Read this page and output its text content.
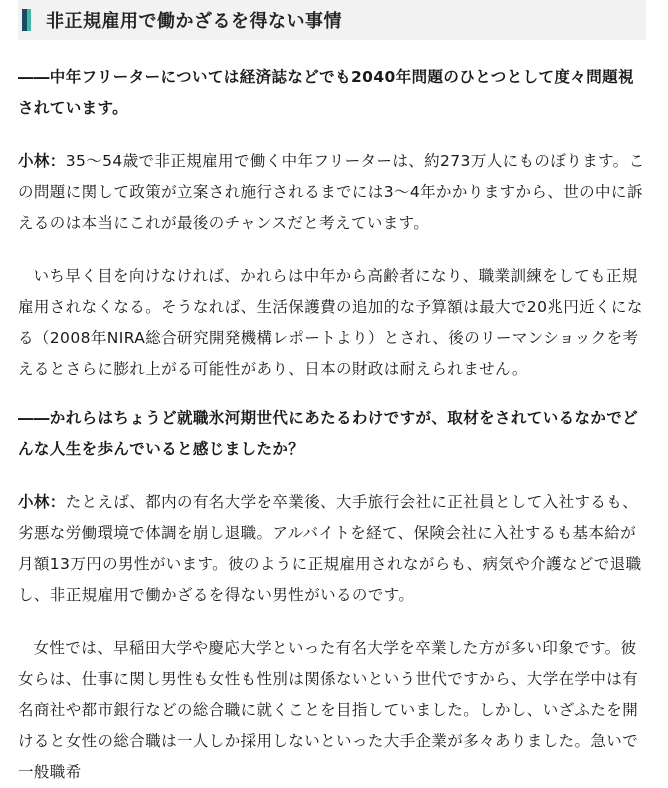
非正規雇用で働かざるを得ない事情

――中年フリーターについては経済誌などでも2040年問題のひとつとして度々問題視されています。

小林：35〜54歳で非正規雇用で働く中年フリーターは、約273万人にものぼります。この問題に関して政策が立案され施行されるまでには3〜4年かかりますから、世の中に訴えるのは本当にこれが最後のチャンスだと考えています。

いち早く目を向けなければ、かれらは中年から高齢者になり、職業訓練をしても正規雇用されなくなる。そうなれば、生活保護費の追加的な予算額は最大で20兆円近くになる（2008年NIRA総合研究開発機構レポートより）とされ、後のリーマンショックを考えるとさらに膨れ上がる可能性があり、日本の財政は耐えられません。

――かれらはちょうど就職氷河期世代にあたるわけですが、取材をされているなかでどんな人生を歩んでいると感じましたか？

小林：たとえば、都内の有名大学を卒業後、大手旅行会社に正社員として入社するも、劣悪な労働環境で体調を崩し退職。アルバイトを経て、保険会社に入社するも基本給が月額13万円の男性がいます。彼のように正規雇用されながらも、病気や介護などで退職し、非正規雇用で働かざるを得ない男性がいるのです。

女性では、早稲田大学や慶応大学といった有名大学を卒業した方が多い印象です。彼女らは、仕事に関し男性も女性も性別は関係ないという世代ですから、大学在学中は有名商社や都市銀行などの総合職に就くことを目指していました。しかし、いざふたを開けると女性の総合職は一人しか採用しないといった大手企業が多々ありました。急いで一般職希
